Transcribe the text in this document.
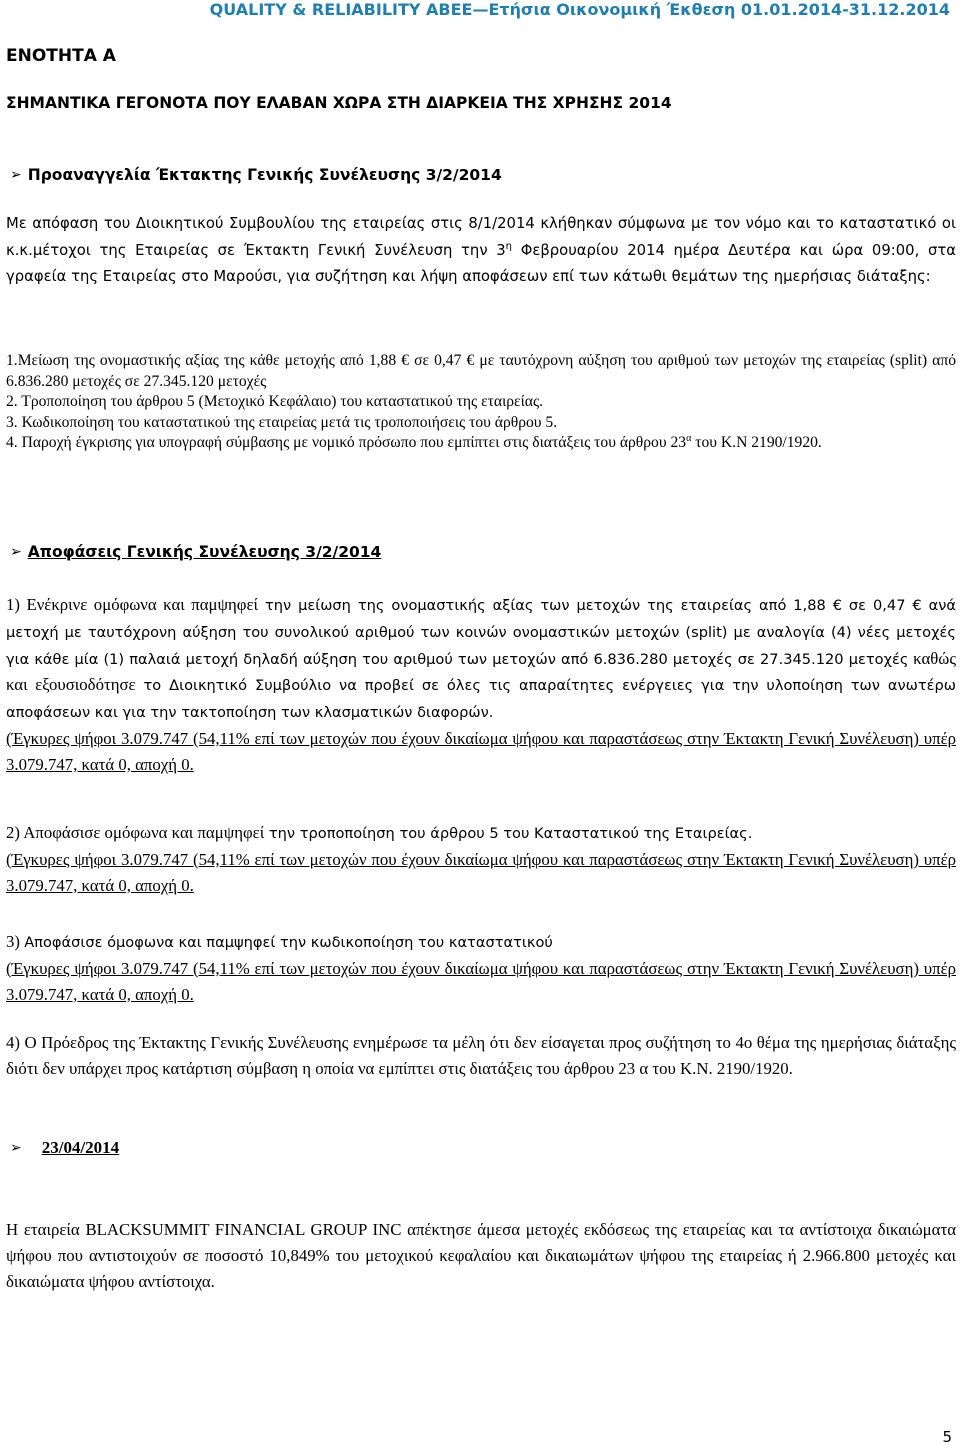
QUALITY & RELIABILITY ABEE—Ετήσια Οικονομική Έκθεση 01.01.2014-31.12.2014
ΕΝΟΤΗΤΑ Α
ΣΗΜΑΝΤΙΚΑ ΓΕΓΟΝΟΤΑ ΠΟΥ ΕΛΑΒΑΝ ΧΩΡΑ ΣΤΗ ΔΙΑΡΚΕΙΑ ΤΗΣ ΧΡΗΣΗΣ 2014
➢ Προαναγγελία Έκτακτης Γενικής Συνέλευσης 3/2/2014
Με απόφαση του Διοικητικού Συμβουλίου της εταιρείας στις 8/1/2014 κλήθηκαν σύμφωνα με τον νόμο και το καταστατικό οι κ.κ.μέτοχοι της Εταιρείας σε Έκτακτη Γενική Συνέλευση την $3^\eta$ Φεβρουαρίου 2014 ημέρα Δευτέρα και ώρα 09:00, στα γραφεία της Εταιρείας στο Μαρούσι, για συζήτηση και λήψη αποφάσεων επί των κάτωθι θεμάτων της ημερήσιας διάταξης:

1.Μείωση της ονομαστικής αξίας της κάθε μετοχής από 1,88 € σε 0,47 € με ταυτόχρονη αύξηση του αριθμού των μετοχών της εταιρείας (split) από 6.836.280 μετοχές σε 27.345.120 μετοχές

2. Τροποποίηση του άρθρου 5 (Μετοχικό Κεφάλαιο) του καταστατικού της εταιρείας.

3. Κωδικοποίηση του καταστατικού της εταιρείας μετά τις τροποποιήσεις του άρθρου 5.

4. Παροχή έγκρισης για υπογραφή σύμβασης με νομικό πρόσωπο που εμπίπτει στις διατάξεις του άρθρου $23^\alpha$ του Κ.Ν 2190/1920.

➢ Αποφάσεις Γενικής Συνέλευσης 3/2/2014

1) Ενέκρινε ομόφωνα και παμψηφεί την μείωση της ονομαστικής αξίας των μετοχών της εταιρείας από 1,88 € σε 0,47 € ανά μετοχή με ταυτόχρονη αύξηση του συνολικού αριθμού των κοινών ονομαστικών μετοχών (split) με αναλογία (4) νέες μετοχές για κάθε μία (1) παλαιά μετοχή δηλαδή αύξηση του αριθμού των μετοχών από 6.836.280 μετοχές σε 27.345.120 μετοχές καθώς και εξουσιοδότησε το Διοικητικό Συμβούλιο να προβεί σε όλες τις απαραίτητες ενέργειες για την υλοποίηση των ανωτέρω αποφάσεων και για την τακτοποίηση των κλασματικών διαφορών.

(Έγκυρες ψήφοι 3.079.747 (54,11% επί των μετοχών που έχουν δικαίωμα ψήφου και παραστάσεως στην Έκτακτη Γενική Συνέλευση) υπέρ 3.079.747, κατά 0, αποχή 0.

2) Αποφάσισε ομόφωνα και παμψηφεί την τροποποίηση του άρθρου 5 του Καταστατικού της Εταιρείας.

(Έγκυρες ψήφοι 3.079.747 (54,11% επί των μετοχών που έχουν δικαίωμα ψήφου και παραστάσεως στην Έκτακτη Γενική Συνέλευση) υπέρ 3.079.747, κατά 0, αποχή 0.

3) Αποφάσισε όμοφωνα και παμψηφεί την κωδικοποίηση του καταστατικού

(Έγκυρες ψήφοι 3.079.747 (54,11% επί των μετοχών που έχουν δικαίωμα ψήφου και παραστάσεως στην Έκτακτη Γενική Συνέλευση) υπέρ 3.079.747, κατά 0, αποχή 0.

4) Ο Πρόεδρος της Έκτακτης Γενικής Συνέλευσης ενημέρωσε τα μέλη ότι δεν είσαγεται προς συζήτηση το 4ο θέμα της ημερήσιας διάταξης διότι δεν υπάρχει προς κατάρτιση σύμβαση η οποία να εμπίπτει στις διατάξεις του άρθρου 23 α του Κ.Ν. 2190/1920.

➢ 23/04/2014

Η εταιρεία BLACKSUMMIT FINANCIAL GROUP INC απέκτησε άμεσα μετοχές εκδόσεως της εταιρείας και τα αντίστοιχα δικαιώματα ψήφου που αντιστοιχούν σε ποσοστό 10,849% του μετοχικού κεφαλαίου και δικαιωμάτων ψήφου της εταιρείας ή 2.966.800 μετοχές και δικαιώματα ψήφου αντίστοιχα.

5
